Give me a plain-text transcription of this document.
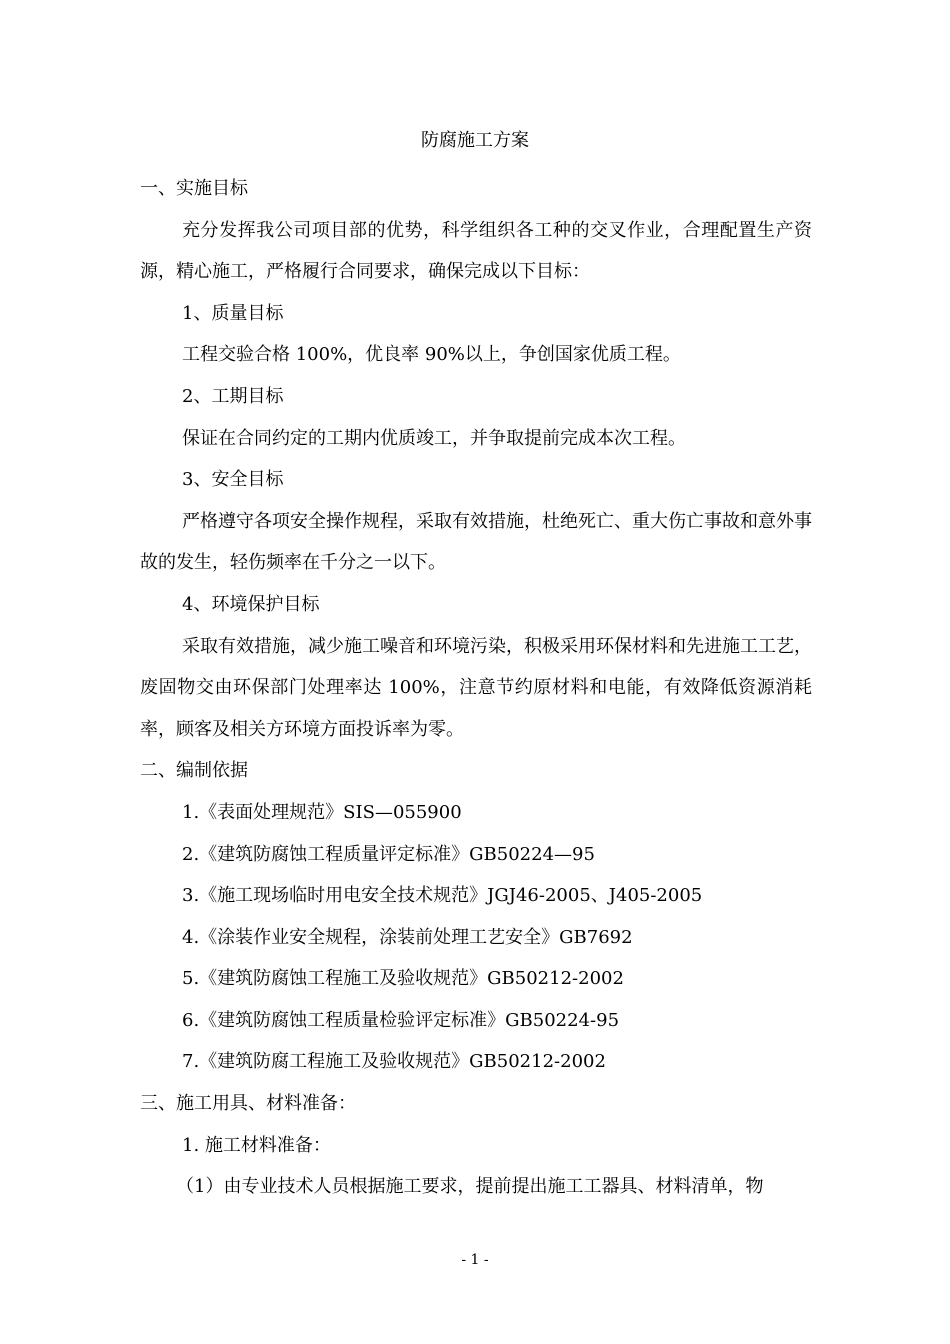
防腐施工方案

一、实施目标

充分发挥我公司项目部的优势，科学组织各工种的交叉作业，合理配置生产资源，精心施工，严格履行合同要求，确保完成以下目标：

1、质量目标

工程交验合格 100%，优良率 90%以上，争创国家优质工程。

2、工期目标

保证在合同约定的工期内优质竣工，并争取提前完成本次工程。

3、安全目标

严格遵守各项安全操作规程，采取有效措施，杜绝死亡、重大伤亡事故和意外事故的发生，轻伤频率在千分之一以下。

4、环境保护目标

采取有效措施，减少施工噪音和环境污染，积极采用环保材料和先进施工工艺，废固物交由环保部门处理率达 100%，注意节约原材料和电能，有效降低资源消耗率，顾客及相关方环境方面投诉率为零。

二、编制依据

1.《表面处理规范》SIS—055900

2.《建筑防腐蚀工程质量评定标准》GB50224—95

3.《施工现场临时用电安全技术规范》JGJ46-2005、J405-2005

4.《涂装作业安全规程，涂装前处理工艺安全》GB7692

5.《建筑防腐蚀工程施工及验收规范》GB50212-2002

6.《建筑防腐蚀工程质量检验评定标准》GB50224-95

7.《建筑防腐工程施工及验收规范》GB50212-2002

三、施工用具、材料准备：

1. 施工材料准备：

（1）由专业技术人员根据施工要求，提前提出施工工器具、材料清单，物

- 1 -
